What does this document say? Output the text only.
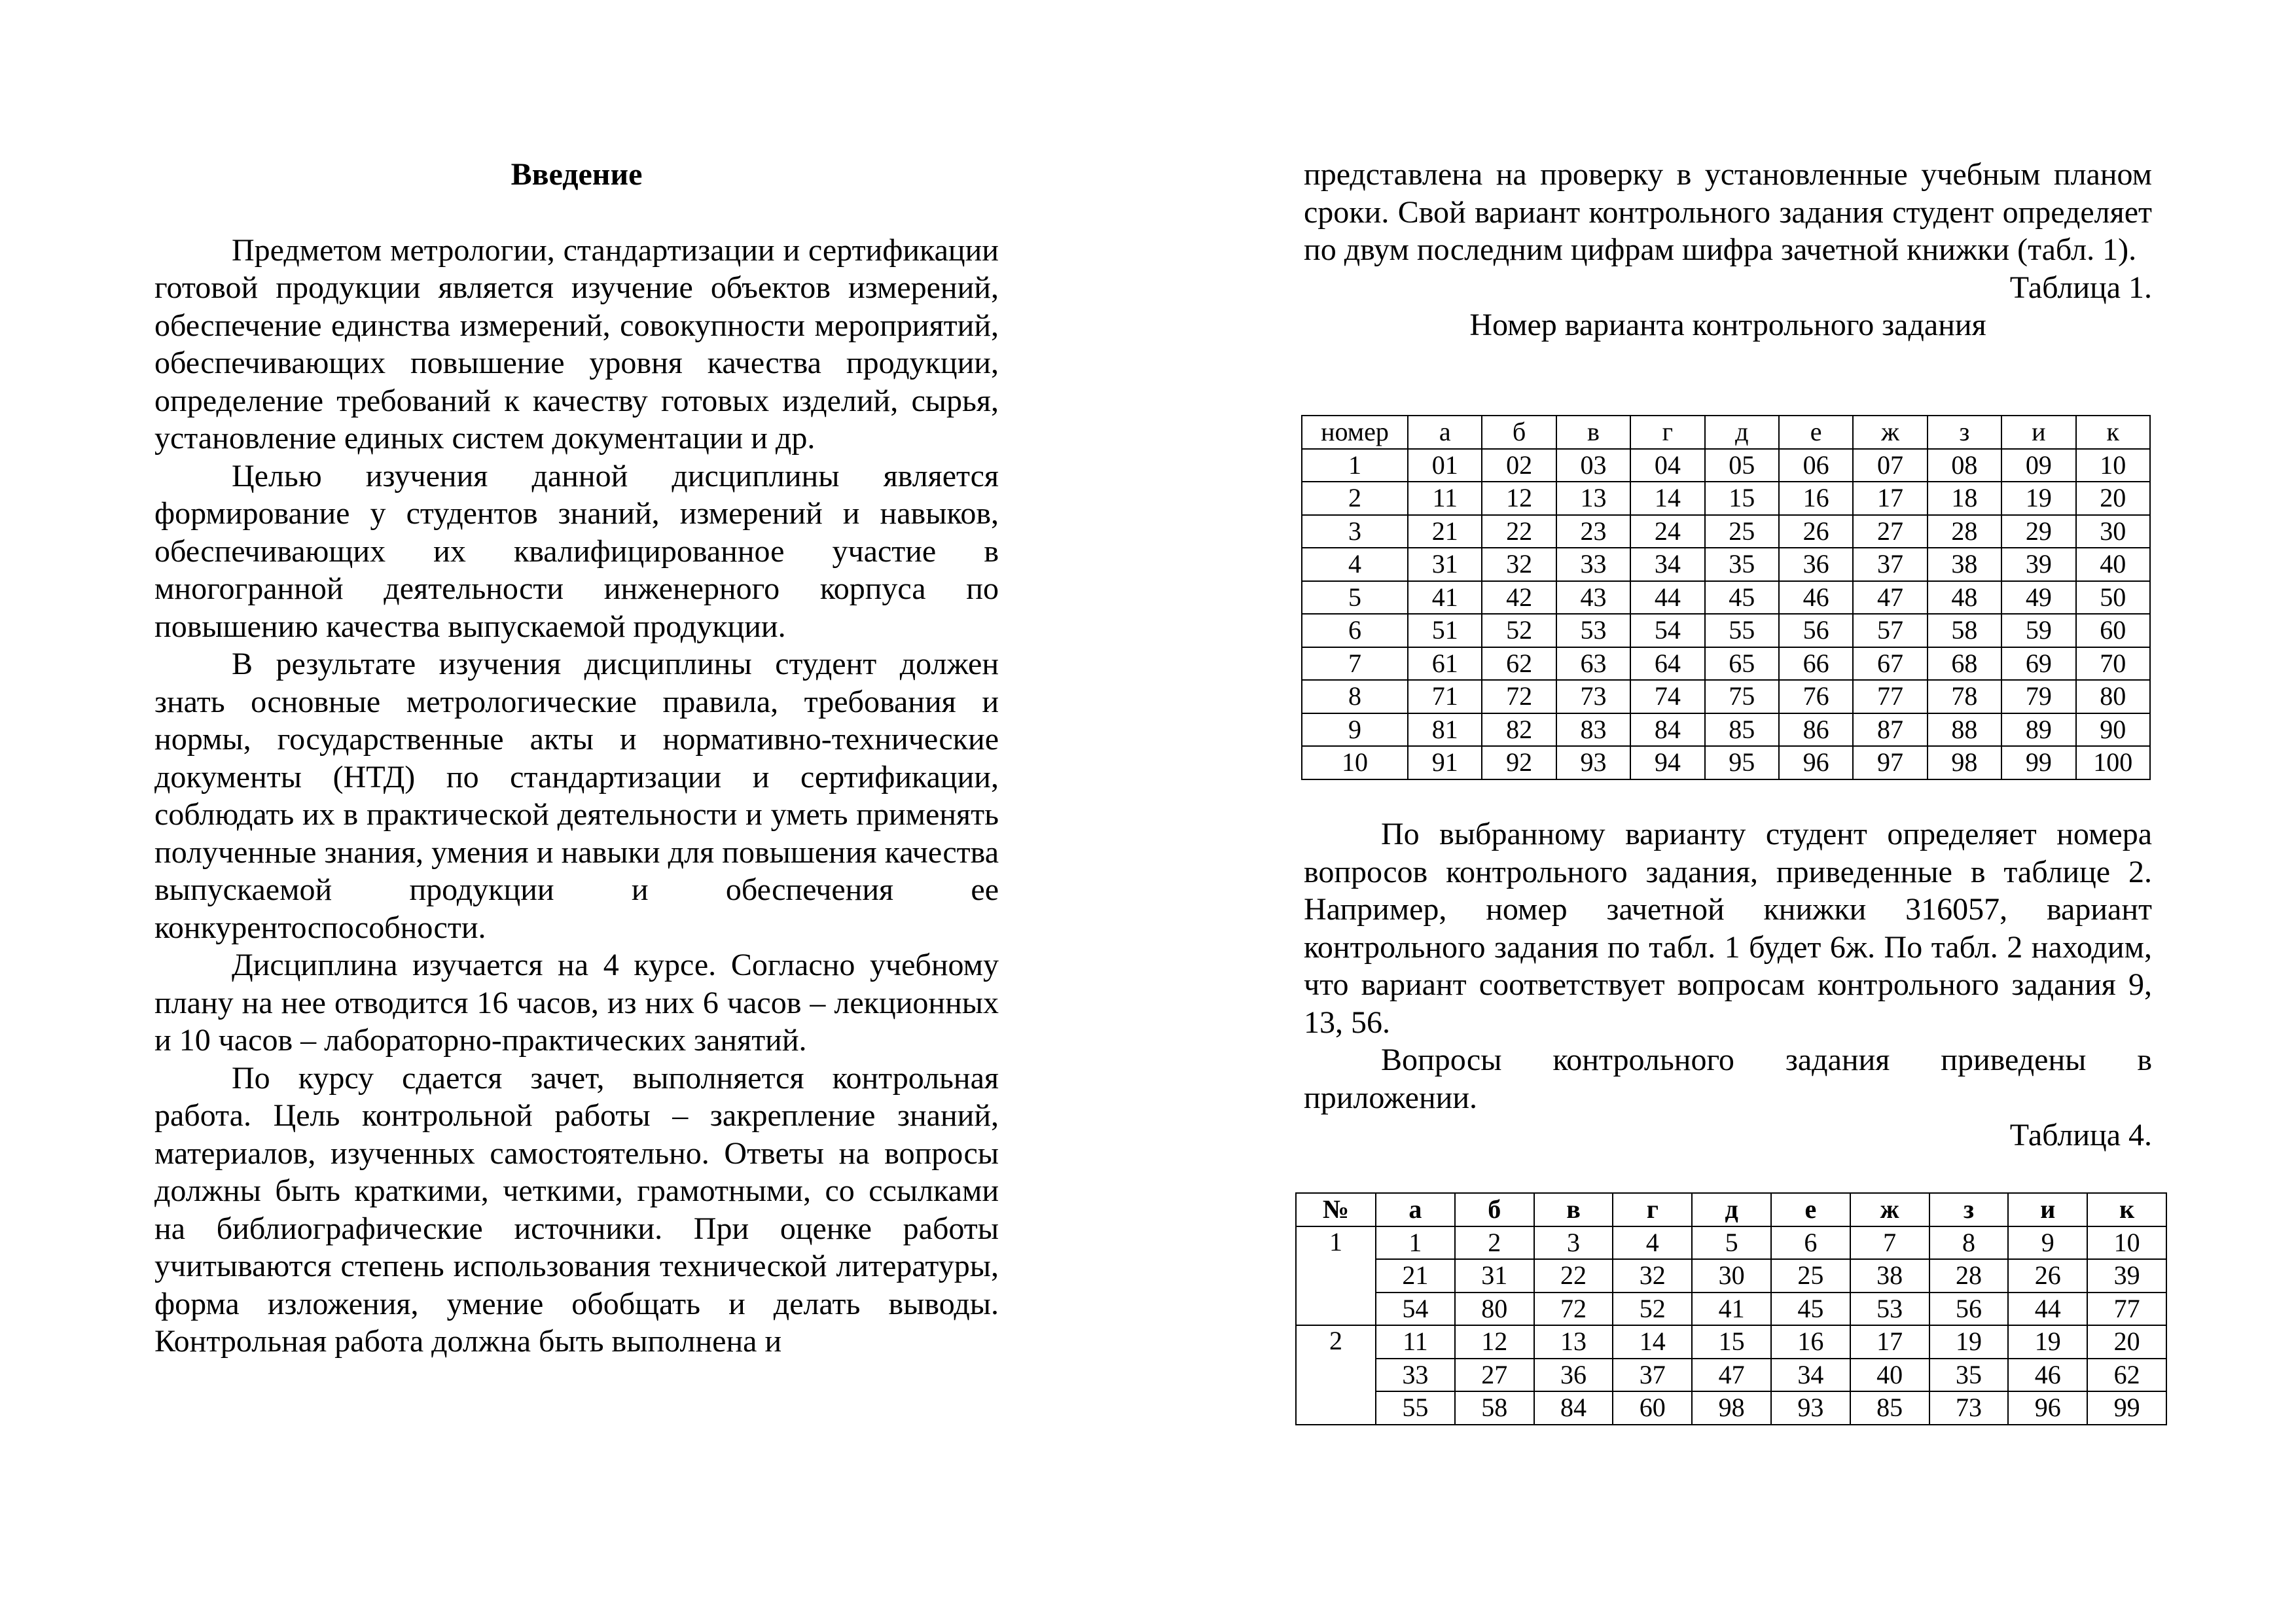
Введение

Предметом метрологии, стандартизации и сертификации готовой продукции является изучение объектов измерений, обеспечение единства измерений, совокупности мероприятий, обеспечивающих повышение уровня качества продукции, определение требований к качеству готовых изделий, сырья, установление единых систем документации и др.

Целью изучения данной дисциплины является формирование у студентов знаний, измерений и навыков, обеспечивающих их квалифицированное участие в многогранной деятельности инженерного корпуса по повышению качества выпускаемой продукции.

В результате изучения дисциплины студент должен знать основные метрологические правила, требования и нормы, государственные акты и нормативно-технические документы (НТД) по стандартизации и сертификации, соблюдать их в практической деятельности и уметь применять полученные знания, умения и навыки для повышения качества выпускаемой продукции и обеспечения ее конкурентоспособности.

Дисциплина изучается на 4 курсе. Согласно учебному плану на нее отводится 16 часов, из них 6 часов – лекционных и 10 часов – лабораторно-практических занятий.

По курсу сдается зачет, выполняется контрольная работа. Цель контрольной работы – закрепление знаний, материалов, изученных самостоятельно. Ответы на вопросы должны быть краткими, четкими, грамотными, со ссылками на библиографические источники. При оценке работы учитываются степень использования технической литературы, форма изложения, умение обобщать и делать выводы. Контрольная работа должна быть выполнена и

представлена на проверку в установленные учебным планом сроки. Свой вариант контрольного задания студент определяет по двум последним цифрам шифра зачетной книжки (табл. 1).

Таблица 1.
Номер варианта контрольного задания
номер	а	б	в	г	д	е	ж	з	и	к
1	01	02	03	04	05	06	07	08	09	10
2	11	12	13	14	15	16	17	18	19	20
3	21	22	23	24	25	26	27	28	29	30
4	31	32	33	34	35	36	37	38	39	40
5	41	42	43	44	45	46	47	48	49	50
6	51	52	53	54	55	56	57	58	59	60
7	61	62	63	64	65	66	67	68	69	70
8	71	72	73	74	75	76	77	78	79	80
9	81	82	83	84	85	86	87	88	89	90
10	91	92	93	94	95	96	97	98	99	100

По выбранному варианту студент определяет номера вопросов контрольного задания, приведенные в таблице 2. Например, номер зачетной книжки 316057, вариант контрольного задания по табл. 1 будет 6ж. По табл. 2 находим, что вариант соответствует вопросам контрольного задания 9, 13, 56.

Вопросы контрольного задания приведены в приложении.

Таблица 4.
№	а	б	в	г	д	е	ж	з	и	к
1	1	2	3	4	5	6	7	8	9	10
	21	31	22	32	30	25	38	28	26	39
	54	80	72	52	41	45	53	56	44	77
2	11	12	13	14	15	16	17	19	19	20
	33	27	36	37	47	34	40	35	46	62
	55	58	84	60	98	93	85	73	96	99
